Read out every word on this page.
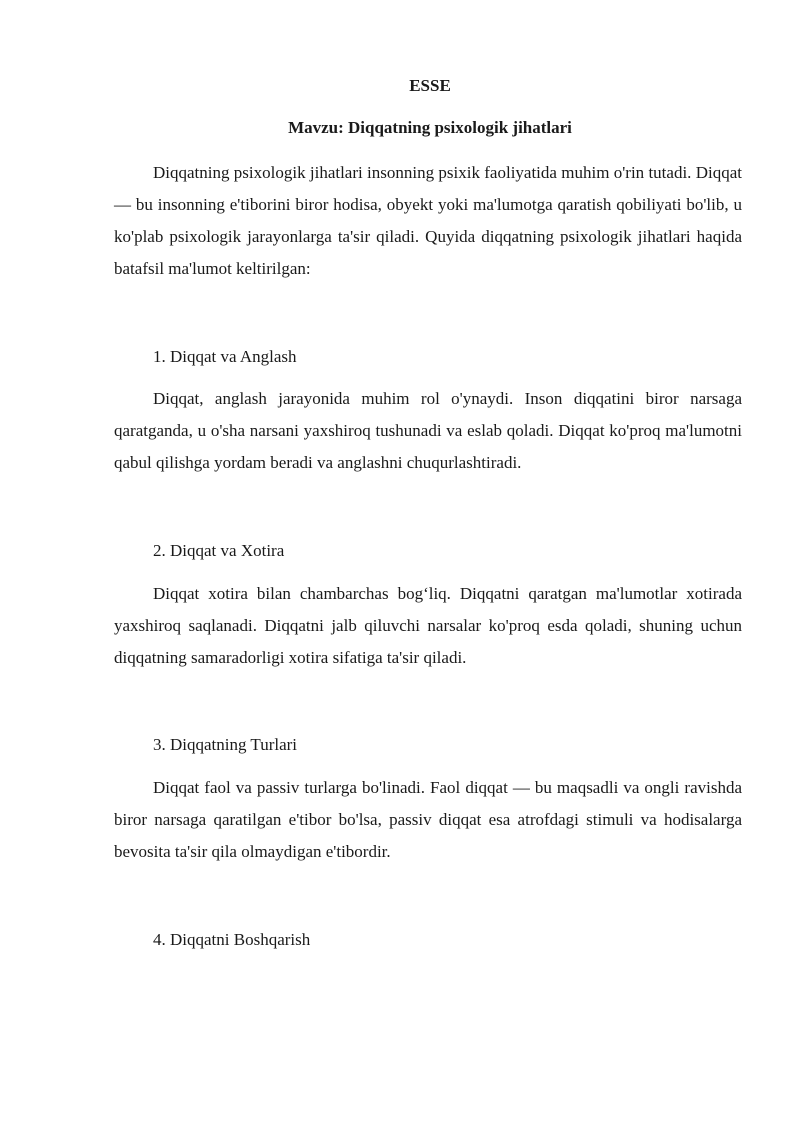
ESSE
Mavzu: Diqqatning psixologik jihatlari

Diqqatning psixologik jihatlari insonning psixik faoliyatida muhim o'rin tutadi. Diqqat — bu insonning e'tiborini biror hodisa, obyekt yoki ma'lumotga qaratish qobiliyati bo'lib, u ko'plab psixologik jarayonlarga ta'sir qiladi. Quyida diqqatning psixologik jihatlari haqida batafsil ma'lumot keltirilgan:

1. Diqqat va Anglash

Diqqat, anglash jarayonida muhim rol o'ynaydi. Inson diqqatini biror narsaga qaratganda, u o'sha narsani yaxshiroq tushunadi va eslab qoladi. Diqqat ko'proq ma'lumotni qabul qilishga yordam beradi va anglashni chuqurlashtiradi.

2. Diqqat va Xotira

Diqqat xotira bilan chambarchas bog‘liq. Diqqatni qaratgan ma'lumotlar xotirada yaxshiroq saqlanadi. Diqqatni jalb qiluvchi narsalar ko'proq esda qoladi, shuning uchun diqqatning samaradorligi xotira sifatiga ta'sir qiladi.

3. Diqqatning Turlari

Diqqat faol va passiv turlarga bo'linadi. Faol diqqat — bu maqsadli va ongli ravishda biror narsaga qaratilgan e'tibor bo'lsa, passiv diqqat esa atrofdagi stimuli va hodisalarga bevosita ta'sir qila olmaydigan e'tibordir.

4. Diqqatni Boshqarish
